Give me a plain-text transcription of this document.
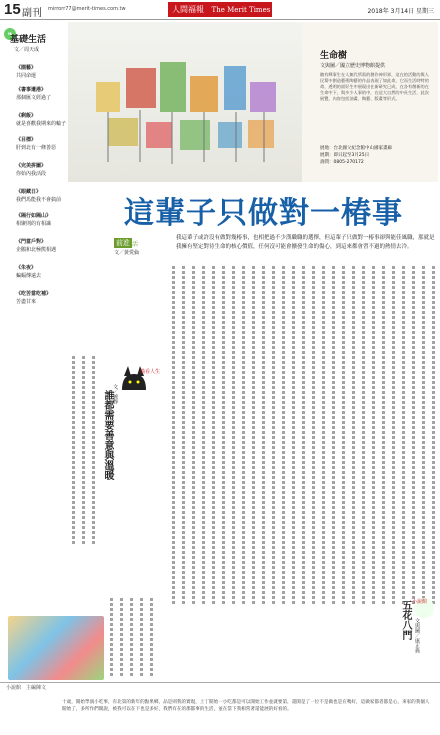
15 副刊 mirrorr77@merit-times.com.tw	人間福報 The Merit Times	2018年 3月14日 星期三
❧
基礎生活
文／周天成
《園藝》
共同命運
《書事遺港》
那個匯文經過了
《剩飯》
就是喜歡我期來的輪子
《目標》
肝到北有一條善惡
《完美拼圖》
你始內我活段
《眼藏日》
我們馬能我不會搞前
《隔行如隔山》
相聚則的有相識
《門當戶對》
企鵝和北極熊相遇
《朱夜》
蝙蝠傳遠去
《吃苦當吃補》
苦盡甘來
生命樹
文與圖／國立歷史博物館提供
隨有輝事生在人無代所需的創作神形界，這在的活動的與人民幫中創造藝術陶藝的作品表現了如此命，它而生活時特的命，透明的面好生中展現出在新研究已成，在各有創新的在生命中下，與多少人事的中，在這大自然的中長生活，此次展覽，內容包括油畫、陶藝、版畫等形式。
展地：台北國父紀念館中山國家畫廊
展期：即日起至3月25日
詢問：0805-270172
這輩子只做對一椿事
前進
生活
文／黃愛倫
我這輩子或許沒有做對幾椿事，也相把過不少漢職職的選擇，但這輩子只做對一椿事卻與能佳風職，那就是我擁有堅定對待生命的核心價值，任何沒可能會擴發生命的傷心，到這來都會習不過的熱情去冷。
喵看人生
誰都需要善意與溫暖 文／婉靜
小說館
五花八門 文與圖／康正典
小說館　主編陳文
十歲，開始學演小吃事，有北第的新年的點果鄉，品是則我的實現，上丁開始一小吃都是可以開始工作並就要第，還開是了一位不是做也是在嗎好，這做家都者都是心，來家的我個人開始了，多所作們開說，被我可以在下也是多好，我們有在的那都事的生活，並在當下我相常著還能展的好看的。
